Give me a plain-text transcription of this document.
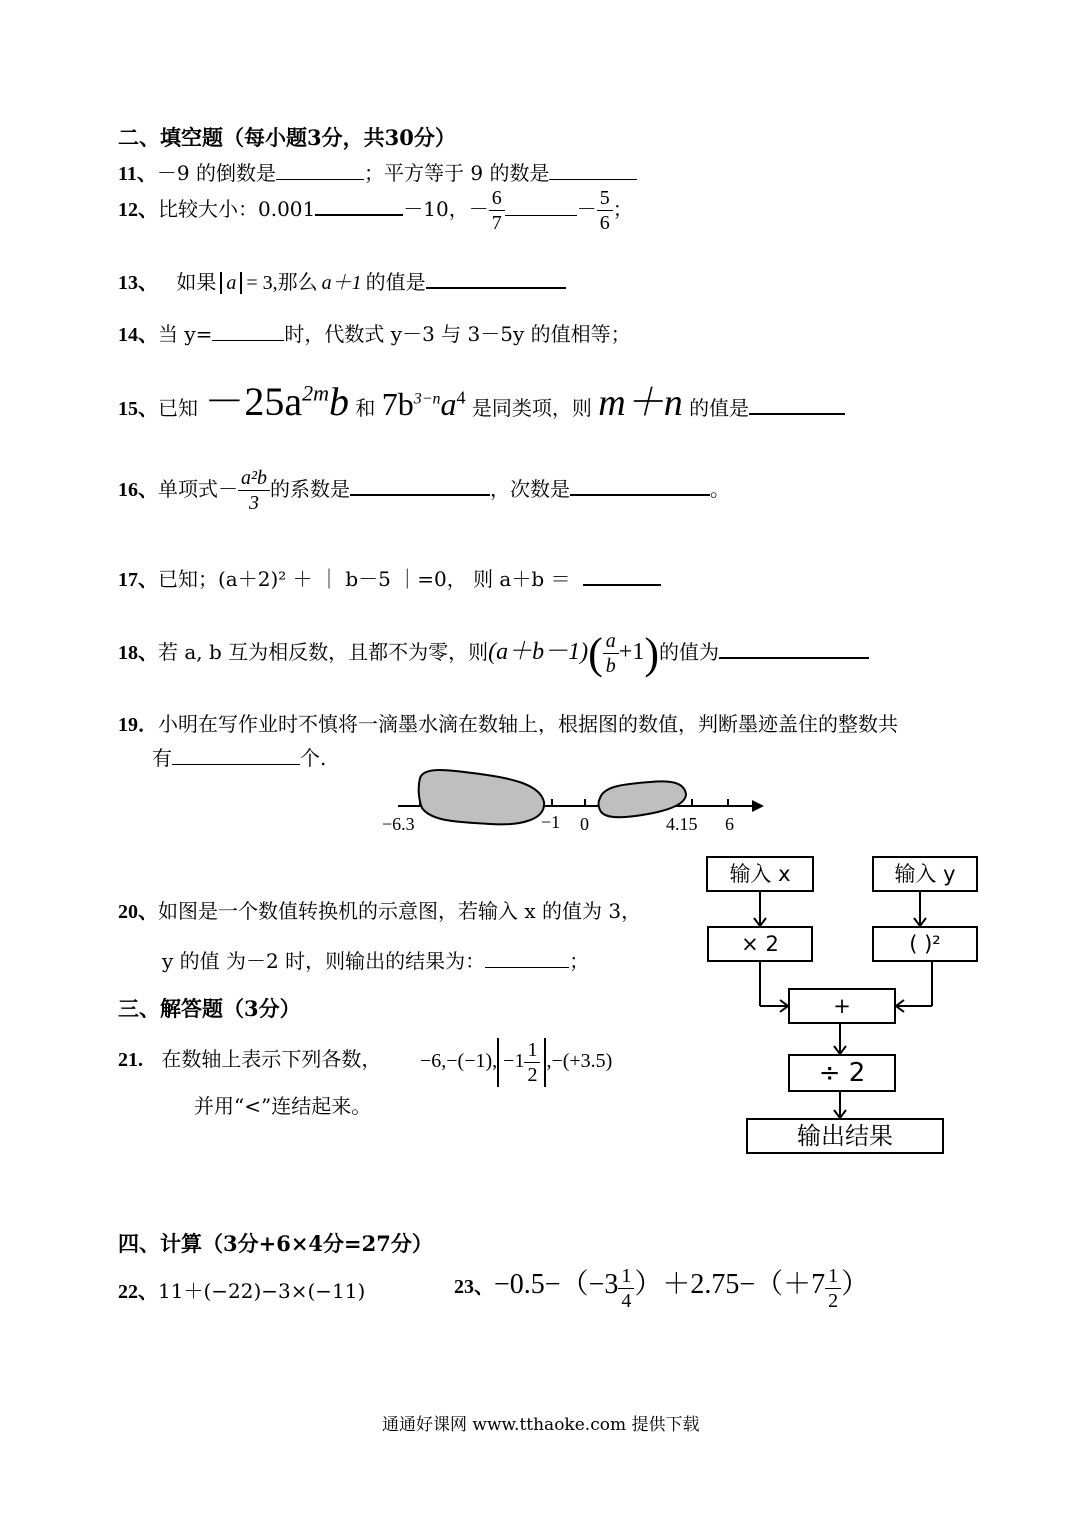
二、填空题（每小题3分，共30分）
11、－9 的倒数是	；平方等于 9 的数是
12、比较大小：0.001	－10，－ $\frac{6}{7}$	－ $\frac{5}{6}$ ；
13、 如果 a = 3,那么 a＋1 的值是
14、当 y=	时，代数式 y－3 与 3－5y 的值相等；
15、已知 $-25a^{2m}b$ 和 $7b^{3-n}a^4$ 是同类项，则 m＋n 的值是
16、单项式－ $\frac{\text{a²b}}{3}$ 的系数是	，次数是	。
17、已知；(a＋2)² ＋ ｜ b－5 ｜=0， 则 a＋b ＝
18、若 a, b 互为相反数，且都不为零，则$(a+b-1)( \frac{a}{b} +1)$的值为
19．小明在写作业时不慎将一滴墨水滴在数轴上，根据图的数值，判断墨迹盖住的整数共
有	个.
−6.3	−1 0	4.15 6
20、如图是一个数值转换机的示意图，若输入 x 的值为 3，
y 的值 为－2 时，则输出的结果为：	；
输入 x	输入 y
× 2	( )²
+
÷ 2
输出结果
三、解答题（3分）
21. 在数轴上表示下列各数，
并用“<”连结起来。
−6,−(−1), $-1 \frac{1}{2} ,-(+3.5)$
四、计算（3分+6×4分=27分）
22、11＋(−22)−3×(−11)	23、$-0.5-(-3 \frac{1}{4} )+2.75-(+7 \frac{1}{2}$ ）
通通好课网 www.tthaoke.com 提供下载
